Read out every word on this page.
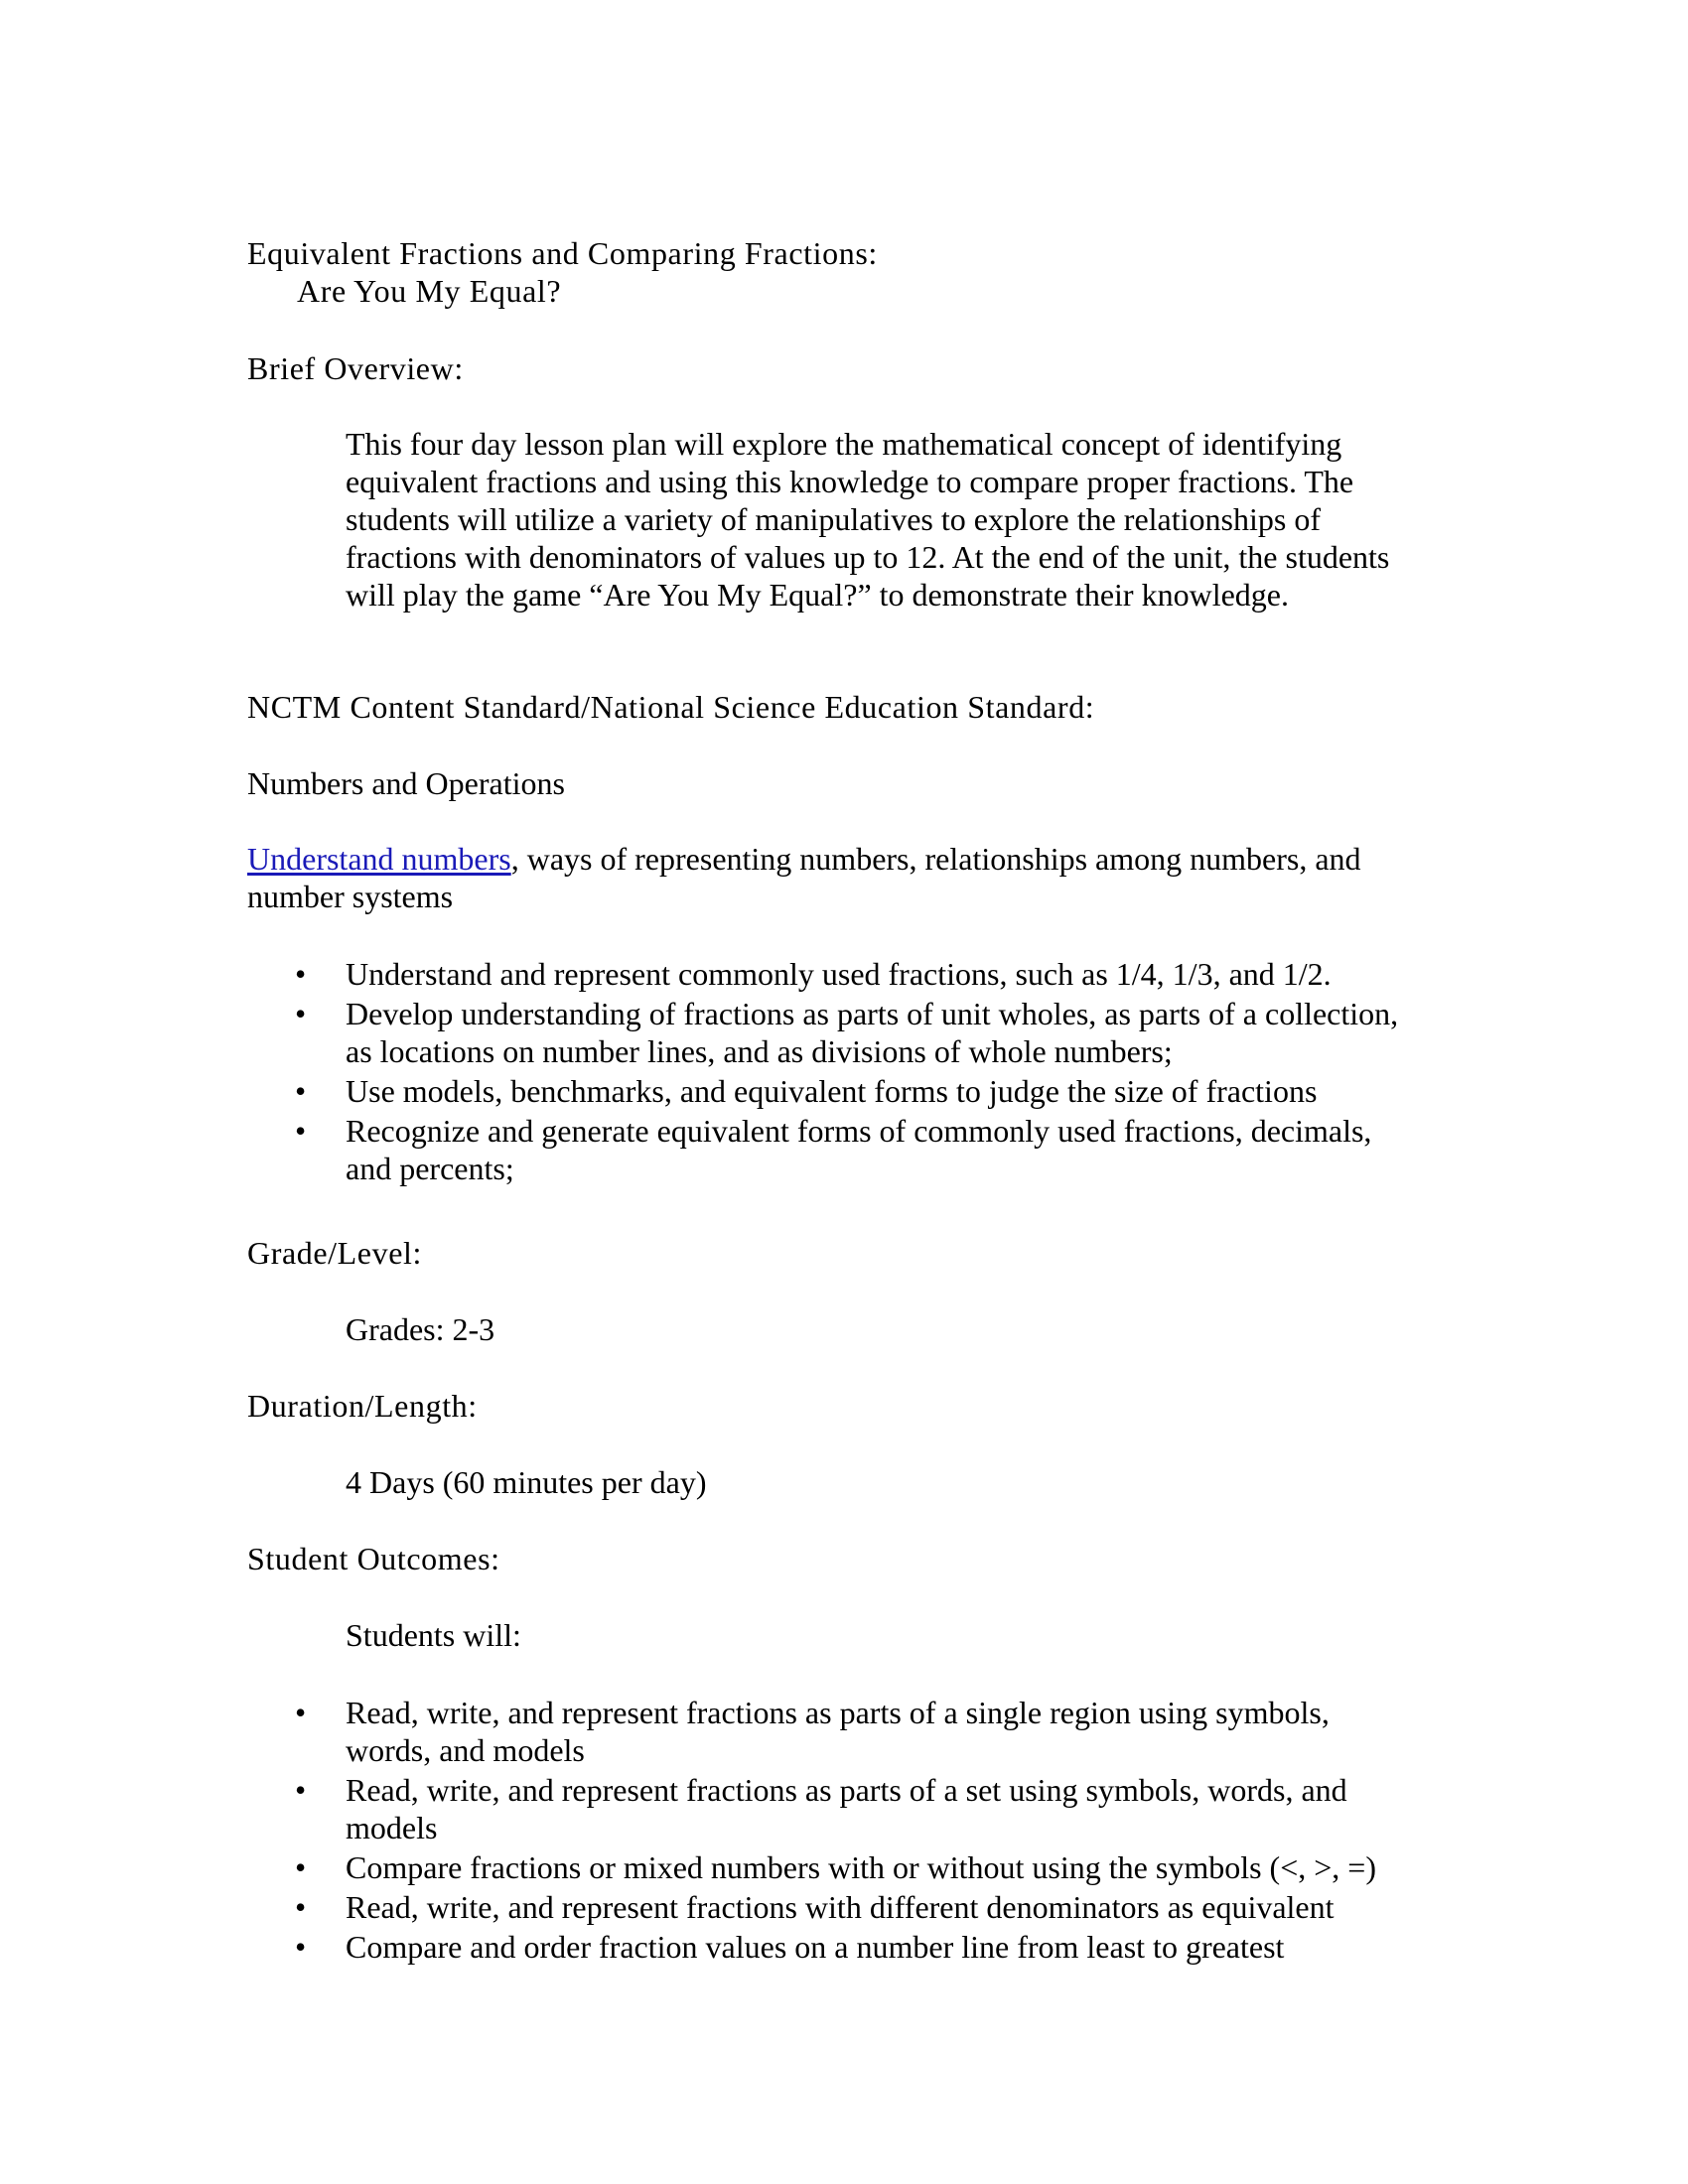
Equivalent Fractions and Comparing Fractions:

Are You My Equal?

Brief Overview:

This four day lesson plan will explore the mathematical concept of identifying equivalent fractions and using this knowledge to compare proper fractions. The students will utilize a variety of manipulatives to explore the relationships of fractions with denominators of values up to 12. At the end of the unit, the students will play the game “Are You My Equal?” to demonstrate their knowledge.

NCTM Content Standard/National Science Education Standard:

Numbers and Operations

Understand numbers, ways of representing numbers, relationships among numbers, and number systems

• Understand and represent commonly used fractions, such as 1/4, 1/3, and 1/2.
• Develop understanding of fractions as parts of unit wholes, as parts of a collection, as locations on number lines, and as divisions of whole numbers;
• Use models, benchmarks, and equivalent forms to judge the size of fractions
• Recognize and generate equivalent forms of commonly used fractions, decimals, and percents;

Grade/Level:

Grades: 2-3

Duration/Length:

4 Days (60 minutes per day)

Student Outcomes:

Students will:

• Read, write, and represent fractions as parts of a single region using symbols, words, and models
• Read, write, and represent fractions as parts of a set using symbols, words, and models
• Compare fractions or mixed numbers with or without using the symbols (<, >, =)
• Read, write, and represent fractions with different denominators as equivalent
• Compare and order fraction values on a number line from least to greatest
